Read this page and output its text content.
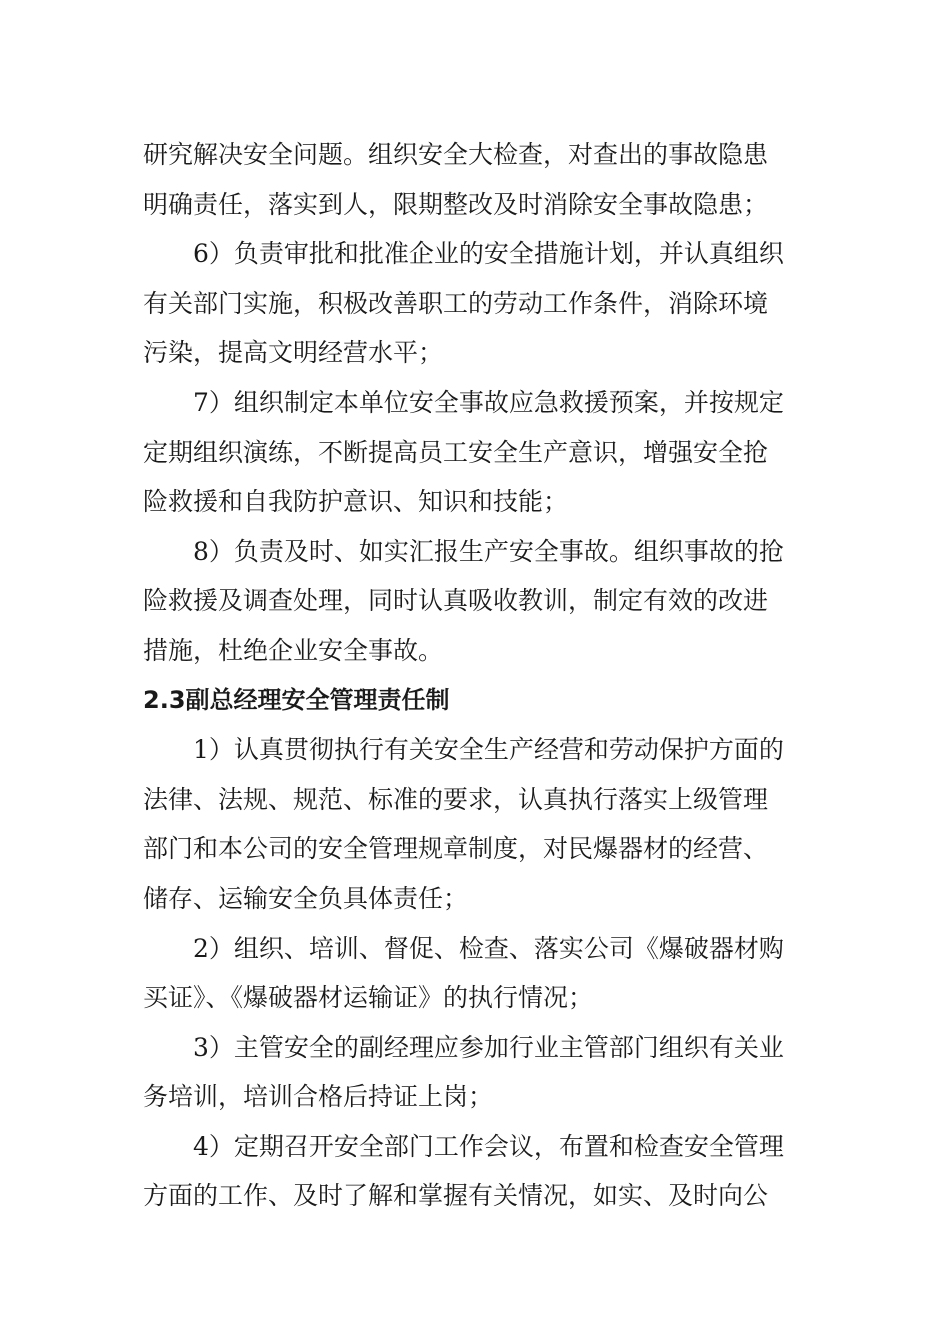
研究解决安全问题。组织安全大检查，对查出的事故隐患
明确责任，落实到人，限期整改及时消除安全事故隐患；
6）负责审批和批准企业的安全措施计划，并认真组织
有关部门实施，积极改善职工的劳动工作条件，消除环境
污染，提高文明经营水平；
7）组织制定本单位安全事故应急救援预案，并按规定
定期组织演练，不断提高员工安全生产意识，增强安全抢
险救援和自我防护意识、知识和技能；
8）负责及时、如实汇报生产安全事故。组织事故的抢
险救援及调查处理，同时认真吸收教训，制定有效的改进
措施，杜绝企业安全事故。
2.3副总经理安全管理责任制
1）认真贯彻执行有关安全生产经营和劳动保护方面的
法律、法规、规范、标准的要求，认真执行落实上级管理
部门和本公司的安全管理规章制度，对民爆器材的经营、
储存、运输安全负具体责任；
2）组织、培训、督促、检查、落实公司《爆破器材购
买证》、《爆破器材运输证》的执行情况；
3）主管安全的副经理应参加行业主管部门组织有关业
务培训，培训合格后持证上岗；
4）定期召开安全部门工作会议，布置和检查安全管理
方面的工作、及时了解和掌握有关情况，如实、及时向公
